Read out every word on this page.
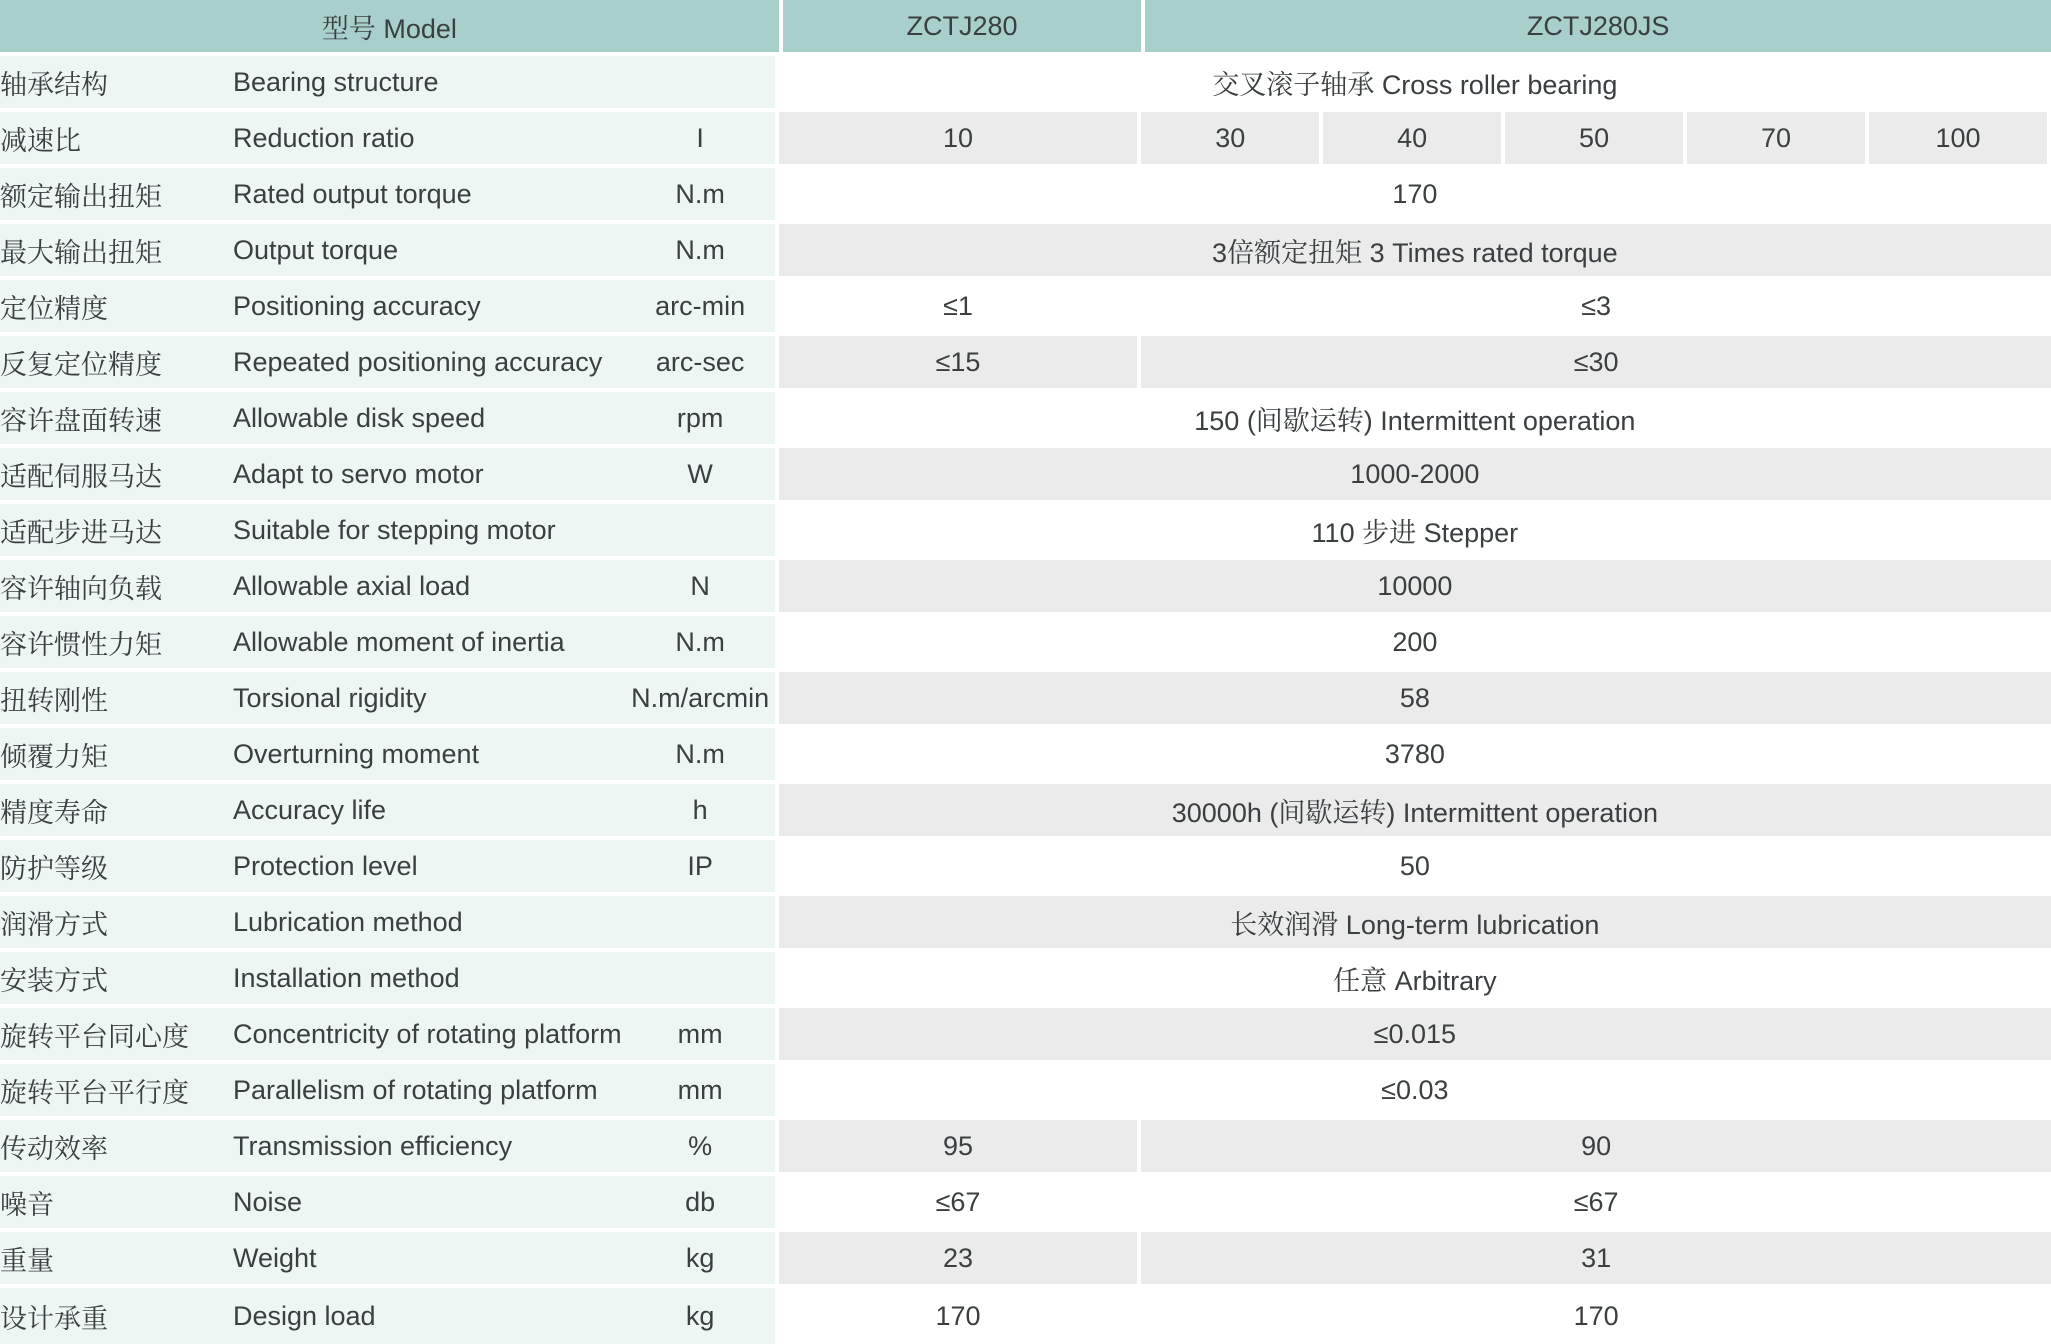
型号 Model			ZCTJ280	ZCTJ280JS				
轴承结构	Bearing structure		交叉滚子轴承 Cross roller bearing					
减速比	Reduction ratio	I	10	30	40	50	70	100
额定输出扭矩	Rated output torque	N.m	170					
最大输出扭矩	Output torque	N.m	3倍额定扭矩 3 Times rated torque					
定位精度	Positioning accuracy	arc-min	≤1	≤3				
反复定位精度	Repeated positioning accuracy	arc-sec	≤15	≤30				
容许盘面转速	Allowable disk speed	rpm	150 (间歇运转) Intermittent operation					
适配伺服马达	Adapt to servo motor	W	1000-2000					
适配步进马达	Suitable for stepping motor		110 步进 Stepper					
容许轴向负载	Allowable axial load	N	10000					
容许惯性力矩	Allowable moment of inertia	N.m	200					
扭转刚性	Torsional rigidity	N.m/arcmin	58					
倾覆力矩	Overturning moment	N.m	3780					
精度寿命	Accuracy life	h	30000h (间歇运转) Intermittent operation					
防护等级	Protection level	IP	50					
润滑方式	Lubrication method		长效润滑 Long-term lubrication					
安装方式	Installation method		任意 Arbitrary					
旋转平台同心度	Concentricity of rotating platform	mm	≤0.015					
旋转平台平行度	Parallelism of rotating platform	mm	≤0.03					
传动效率	Transmission efficiency	%	95	90				
噪音	Noise	db	≤67	≤67				
重量	Weight	kg	23	31				
设计承重	Design load	kg	170	170				
